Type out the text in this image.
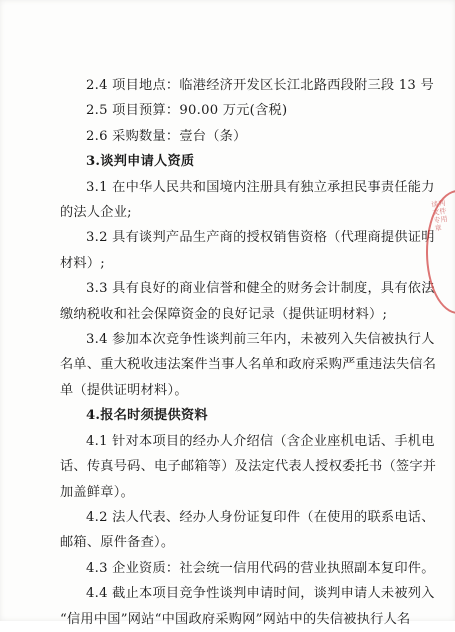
2.4 项目地点：临港经济开发区长江北路西段附三段 13 号
2.5 项目预算：90.00 万元(含税)
2.6 采购数量：壹台（条）
3.谈判申请人资质
3.1 在中华人民共和国境内注册具有独立承担民事责任能力
的法人企业;
3.2 具有谈判产品生产商的授权销售资格（代理商提供证明
材料）;
3.3 具有良好的商业信誉和健全的财务会计制度，具有依法
缴纳税收和社会保障资金的良好记录（提供证明材料）;
3.4 参加本次竞争性谈判前三年内，未被列入失信被执行人
名单、重大税收违法案件当事人名单和政府采购严重违法失信名
单（提供证明材料）。
4.报名时须提供资料
4.1 针对本项目的经办人介绍信（含企业座机电话、手机电
话、传真号码、电子邮箱等）及法定代表人授权委托书（签字并
加盖鲜章）。
4.2 法人代表、经办人身份证复印件（在使用的联系电话、
邮箱、原件备查）。
4.3 企业资质：社会统一信用代码的营业执照副本复印件。
4.4 截止本项目竞争性谈判申请时间，谈判申请人未被列入
“信用中国”网站“中国政府采购网”网站中的失信被执行人名
谈判文件专用章
